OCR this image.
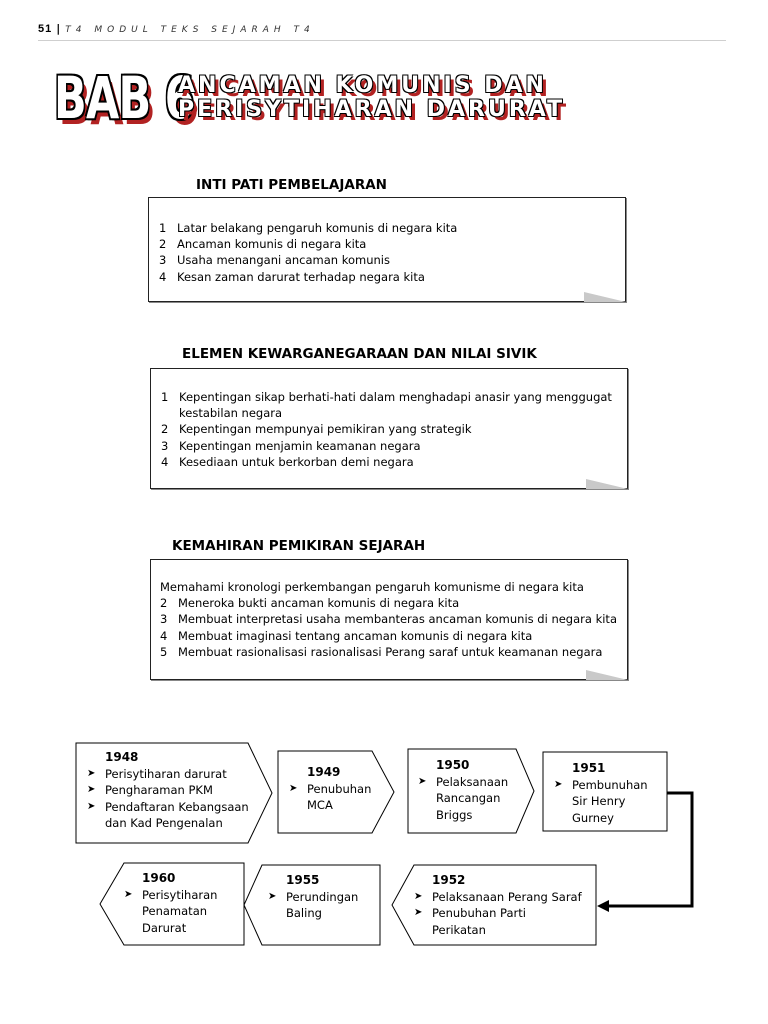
51 | T4 MODUL TEKS SEJARAH T4
BAB 6
ANCAMAN KOMUNIS DAN
PERISYTIHARAN DARURAT
INTI PATI PEMBELAJARAN
1 Latar belakang pengaruh komunis di negara kita
2 Ancaman komunis di negara kita
3 Usaha menangani ancaman komunis
4 Kesan zaman darurat terhadap negara kita
ELEMEN KEWARGANEGARAAN DAN NILAI SIVIK
1 Kepentingan sikap berhati-hati dalam menghadapi anasir yang menggugat kestabilan negara
2 Kepentingan mempunyai pemikiran yang strategik
3 Kepentingan menjamin keamanan negara
4 Kesediaan untuk berkorban demi negara
KEMAHIRAN PEMIKIRAN SEJARAH
Memahami kronologi perkembangan pengaruh komunisme di negara kita
2 Meneroka bukti ancaman komunis di negara kita
3 Membuat interpretasi usaha membanteras ancaman komunis di negara kita
4 Membuat imaginasi tentang ancaman komunis di negara kita
5 Membuat rasionalisasi rasionalisasi Perang saraf untuk keamanan negara
1948
➤ Perisytiharan darurat
➤ Pengharaman PKM
➤ Pendaftaran Kebangsaan dan Kad Pengenalan
1949
➤ Penubuhan MCA
1950
➤ Pelaksanaan Rancangan Briggs
1951
➤ Pembunuhan Sir Henry Gurney
1952
➤ Pelaksanaan Perang Saraf
➤ Penubuhan Parti Perikatan
1955
➤ Perundingan Baling
1960
➤ Perisytiharan Penamatan Darurat
